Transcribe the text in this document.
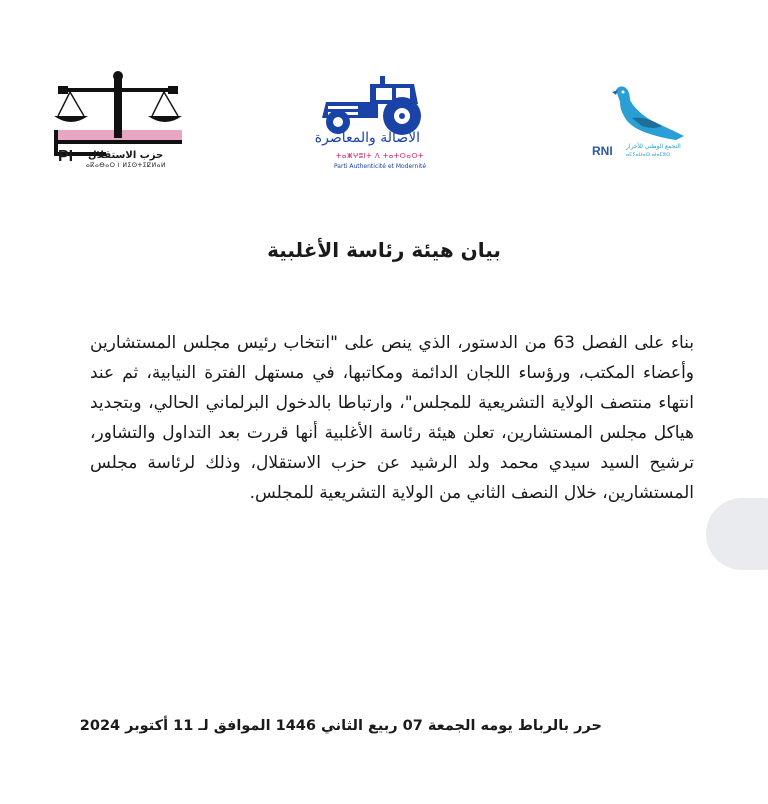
PI حزب الاستقلال
ⴰⴽⴰⴱⴰⵔ ⵏ ⵍⵉⵙⵜⵉⵇⵍⴰⵍ
الأصالة والمعاصرة
ⵜⴰⵥⵖⵓⵏⵜ ⴷ ⵜⴰⵜⵔⴰⵔⵜ
Parti Authenticité et Modernité
RNI التجمع الوطني للأحرار
ⴰⵎⵢⴰⵡⴰⵙ ⴰⵏⴰⵎⵓⵔ
بيان هيئة رئاسة الأغلبية
بناء على الفصل 63 من الدستور، الذي ينص على "انتخاب رئيس مجلس المستشارين وأعضاء المكتب، ورؤساء اللجان الدائمة ومكاتبها، في مستهل الفترة النيابية، ثم عند انتهاء منتصف الولاية التشريعية للمجلس"، وارتباطا بالدخول البرلماني الحالي، وبتجديد هياكل مجلس المستشارين، تعلن هيئة رئاسة الأغلبية أنها قررت بعد التداول والتشاور، ترشيح السيد سيدي محمد ولد الرشيد عن حزب الاستقلال، وذلك لرئاسة مجلس المستشارين، خلال النصف الثاني من الولاية التشريعية للمجلس.
حرر بالرباط يومه الجمعة 07 ربيع الثاني 1446 الموافق لـ 11 أكتوبر 2024
